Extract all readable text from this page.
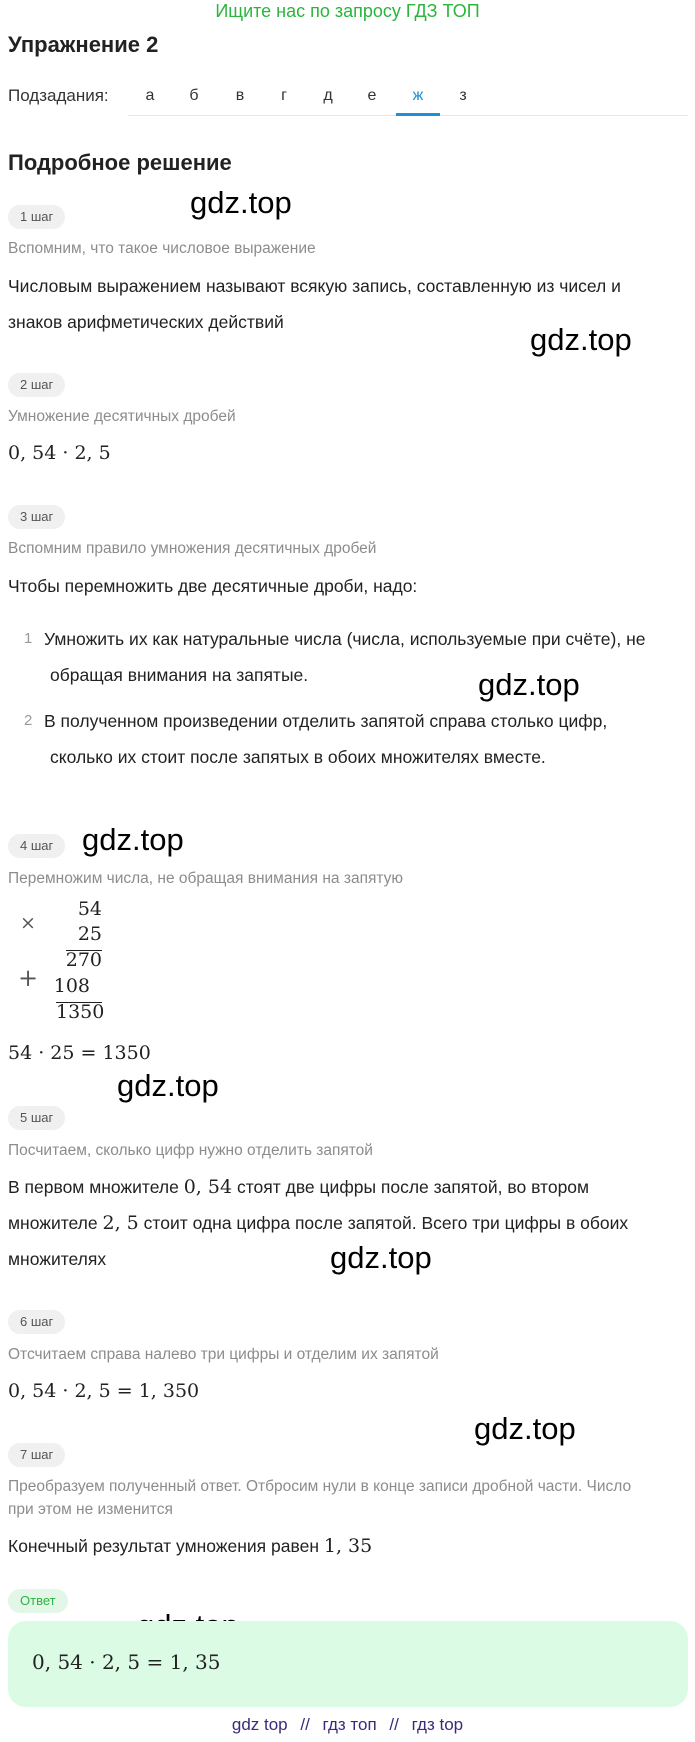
Ищите нас по запросу ГДЗ ТОП
Упражнение 2
Подзадания:	а	б	в	г	д	е	ж	з
Подробное решение
gdz.top
gdz.top
gdz.top
gdz.top
gdz.top
gdz.top
gdz.top
1 шаг
Вспомним, что такое числовое выражение
Числовым выражением называют всякую запись, составленную из чисел и
знаков арифметических действий
2 шаг
Умножение десятичных дробей
0, 54 · 2, 5
3 шаг
Вспомним правило умножения десятичных дробей
Чтобы перемножить две десятичные дроби, надо:
1 Умножить их как натуральные числа (числа, используемые при счёте), не
обращая внимания на запятые.
2 В полученном произведении отделить запятой справа столько цифр,
сколько их стоит после запятых в обоих множителях вместе.
4 шаг
Перемножим числа, не обращая внимания на запятую
×
54
25
270
+ 108
1350
54 · 25 = 1350
5 шаг
Посчитаем, сколько цифр нужно отделить запятой
В первом множителе 0, 54 стоят две цифры после запятой, во втором
множителе 2, 5 стоит одна цифра после запятой. Всего три цифры в обоих
множителях
6 шаг
Отсчитаем справа налево три цифры и отделим их запятой
0, 54 · 2, 5 = 1, 350
7 шаг
Преобразуем полученный ответ. Отбросим нули в конце записи дробной части. Число
при этом не изменится
Конечный результат умножения равен 1, 35
Ответ
0, 54 · 2, 5 = 1, 35
gdz top // гдз топ // гдз top
